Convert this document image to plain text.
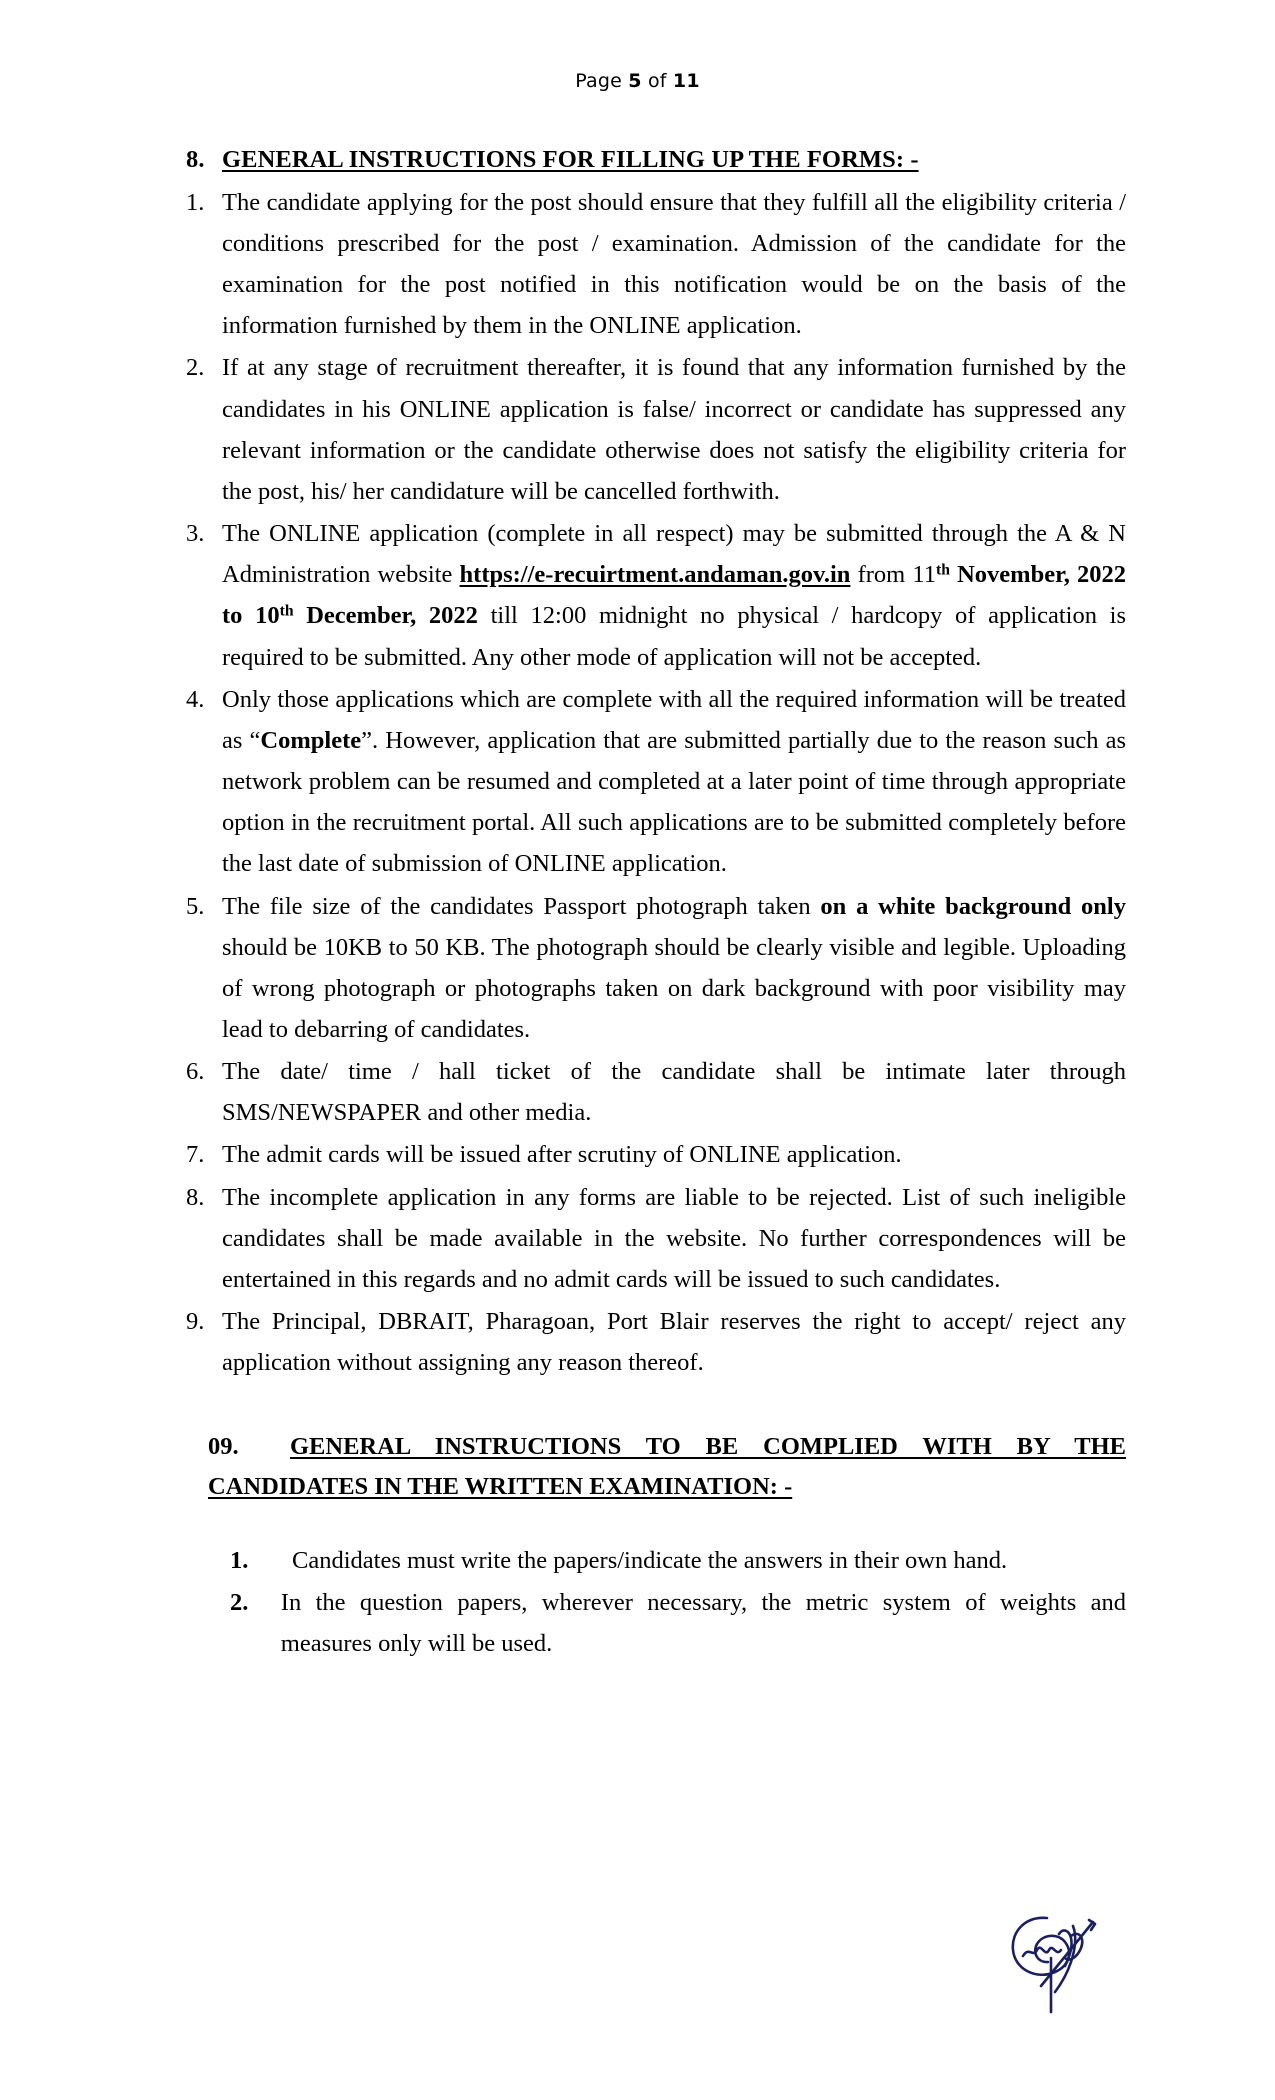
Page 5 of 11
8. GENERAL INSTRUCTIONS FOR FILLING UP THE FORMS: -
1. The candidate applying for the post should ensure that they fulfill all the eligibility criteria / conditions prescribed for the post / examination. Admission of the candidate for the examination for the post notified in this notification would be on the basis of the information furnished by them in the ONLINE application.
2. If at any stage of recruitment thereafter, it is found that any information furnished by the candidates in his ONLINE application is false/ incorrect or candidate has suppressed any relevant information or the candidate otherwise does not satisfy the eligibility criteria for the post, his/ her candidature will be cancelled forthwith.
3. The ONLINE application (complete in all respect) may be submitted through the A & N Administration website https://e-recuirtment.andaman.gov.in from 11th November, 2022 to 10th December, 2022 till 12:00 midnight no physical / hardcopy of application is required to be submitted. Any other mode of application will not be accepted.
4. Only those applications which are complete with all the required information will be treated as “Complete”. However, application that are submitted partially due to the reason such as network problem can be resumed and completed at a later point of time through appropriate option in the recruitment portal. All such applications are to be submitted completely before the last date of submission of ONLINE application.
5. The file size of the candidates Passport photograph taken on a white background only should be 10KB to 50 KB. The photograph should be clearly visible and legible. Uploading of wrong photograph or photographs taken on dark background with poor visibility may lead to debarring of candidates.
6. The date/ time / hall ticket of the candidate shall be intimate later through SMS/NEWSPAPER and other media.
7. The admit cards will be issued after scrutiny of ONLINE application.
8. The incomplete application in any forms are liable to be rejected. List of such ineligible candidates shall be made available in the website. No further correspondences will be entertained in this regards and no admit cards will be issued to such candidates.
9. The Principal, DBRAIT, Pharagoan, Port Blair reserves the right to accept/ reject any application without assigning any reason thereof.
09.	GENERAL INSTRUCTIONS TO BE COMPLIED WITH BY THE
CANDIDATES IN THE WRITTEN EXAMINATION: -
1.	Candidates must write the papers/indicate the answers in their own hand.
2.	In the question papers, wherever necessary, the metric system of weights and measures only will be used.
